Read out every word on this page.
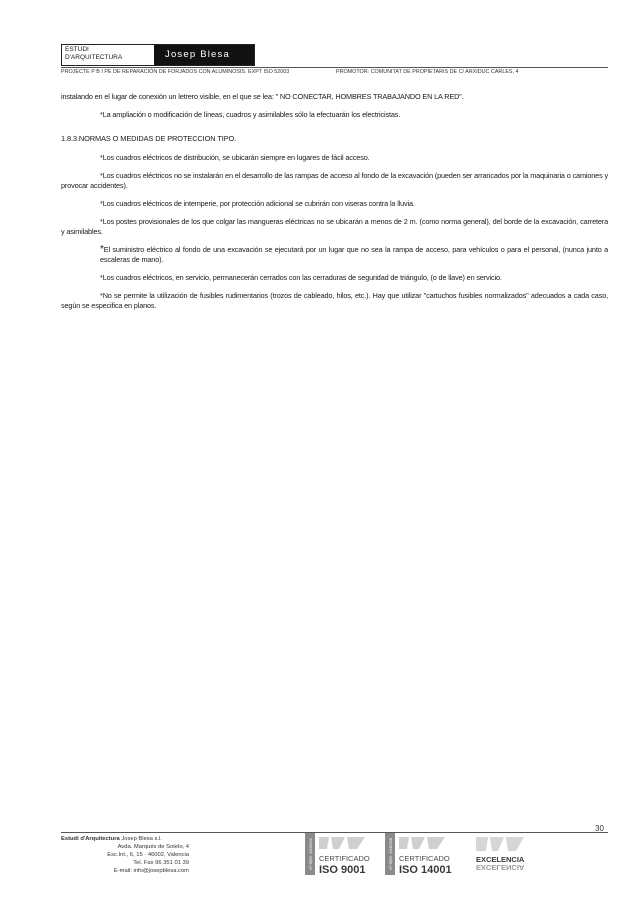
ESTUDI
D'ARQUITECTURA	Josep Blesa
PROJECTE P B I PE DE REPARACIÓN DE FORJADOS CON ALUMINOSIS. EXPT ISO 52003	PROMOTOR: COMUNITAT DE PROPIETARIS DE C/ ARXIDUC CARLES, 4

instalando en el lugar de conexión un letrero visible, en el que se lea: " NO CONECTAR, HOMBRES TRABAJANDO EN LA RED".

*La ampliación o modificación de líneas, cuadros y asimilables sólo la efectuarán los electricistas.

1.8.3.NORMAS O MEDIDAS DE PROTECCION TIPO.

*Los cuadros eléctricos de distribución, se ubicarán siempre en lugares de fácil acceso.

*Los cuadros eléctricos no se instalarán en el desarrollo de las rampas de acceso al fondo de la excavación (pueden ser arrancados por la maquinaria o camiones y provocar accidentes).

*Los cuadros eléctricos de intemperie, por protección adicional se cubrirán con viseras contra la lluvia.

*Los postes provisionales de los que colgar las mangueras eléctricas no se ubicarán a menos de 2 m. (como norma general), del borde de la excavación, carretera y asimilables.

*El suministro eléctrico al fondo de una excavación se ejecutará por un lugar que no sea la rampa de acceso, para vehículos o para el personal, (nunca junto a escaleras de mano).

*Los cuadros eléctricos, en servicio, permanecerán cerrados con las cerraduras de seguridad de triángulo, (o de llave) en servicio.

*No se permite la utilización de fusibles rudimentarios (trozos de cableado, hilos, etc.). Hay que utilizar "cartuchos fusibles normalizados" adecuados a cada caso, según se especifica en planos.

30
Estudi d'Arquitectura Josep Blesa s.l.
Avda. Marqués de Sotelo, 4
Esc.Int., 6, 15 · 46002, Valencia
Tel. Fax 96 351 01 39
E-mail: info@josepblesa.com
Nº REG. 6033991 CERTIFICADO
ISO 9001
Nº REG. 6342008 CERTIFICADO
ISO 14001
EXCELENCIA
EXCELENCIA
